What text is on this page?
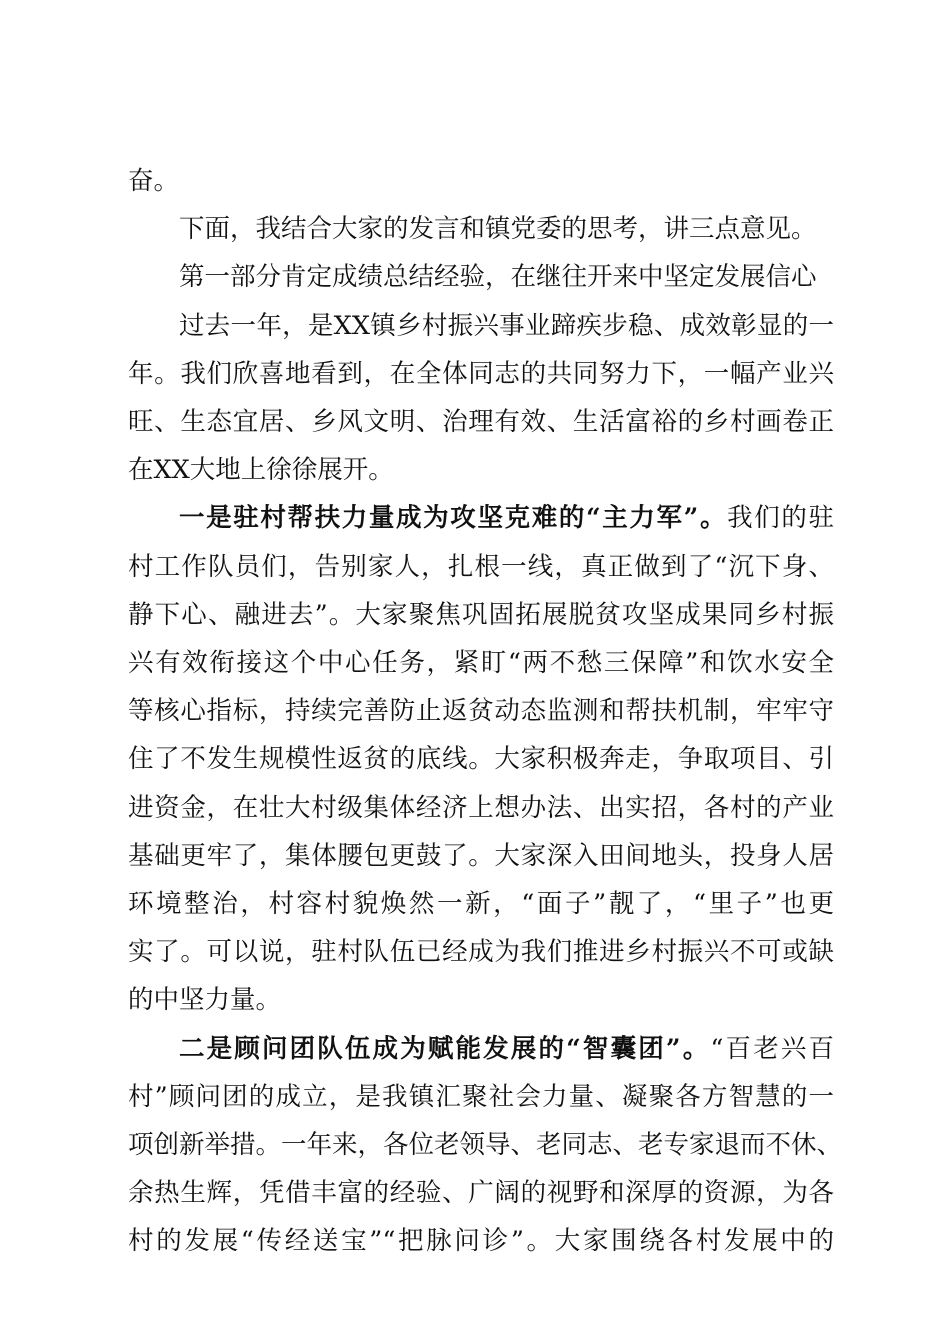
奋。
下面，我结合大家的发言和镇党委的思考，讲三点意见。
第一部分肯定成绩总结经验，在继往开来中坚定发展信心
过去一年，是XX镇乡村振兴事业蹄疾步稳、成效彰显的一
年。我们欣喜地看到，在全体同志的共同努力下，一幅产业兴
旺、生态宜居、乡风文明、治理有效、生活富裕的乡村画卷正
在XX大地上徐徐展开。
一是驻村帮扶力量成为攻坚克难的“主力军”。我们的驻
村工作队员们，告别家人，扎根一线，真正做到了“沉下身、
静下心、融进去”。大家聚焦巩固拓展脱贫攻坚成果同乡村振
兴有效衔接这个中心任务，紧盯“两不愁三保障”和饮水安全
等核心指标，持续完善防止返贫动态监测和帮扶机制，牢牢守
住了不发生规模性返贫的底线。大家积极奔走，争取项目、引
进资金，在壮大村级集体经济上想办法、出实招，各村的产业
基础更牢了，集体腰包更鼓了。大家深入田间地头，投身人居
环境整治，村容村貌焕然一新，“面子”靓了，“里子”也更
实了。可以说，驻村队伍已经成为我们推进乡村振兴不可或缺
的中坚力量。
二是顾问团队伍成为赋能发展的“智囊团”。“百老兴百
村”顾问团的成立，是我镇汇聚社会力量、凝聚各方智慧的一
项创新举措。一年来，各位老领导、老同志、老专家退而不休、
余热生辉，凭借丰富的经验、广阔的视野和深厚的资源，为各
村的发展“传经送宝”“把脉问诊”。大家围绕各村发展中的
